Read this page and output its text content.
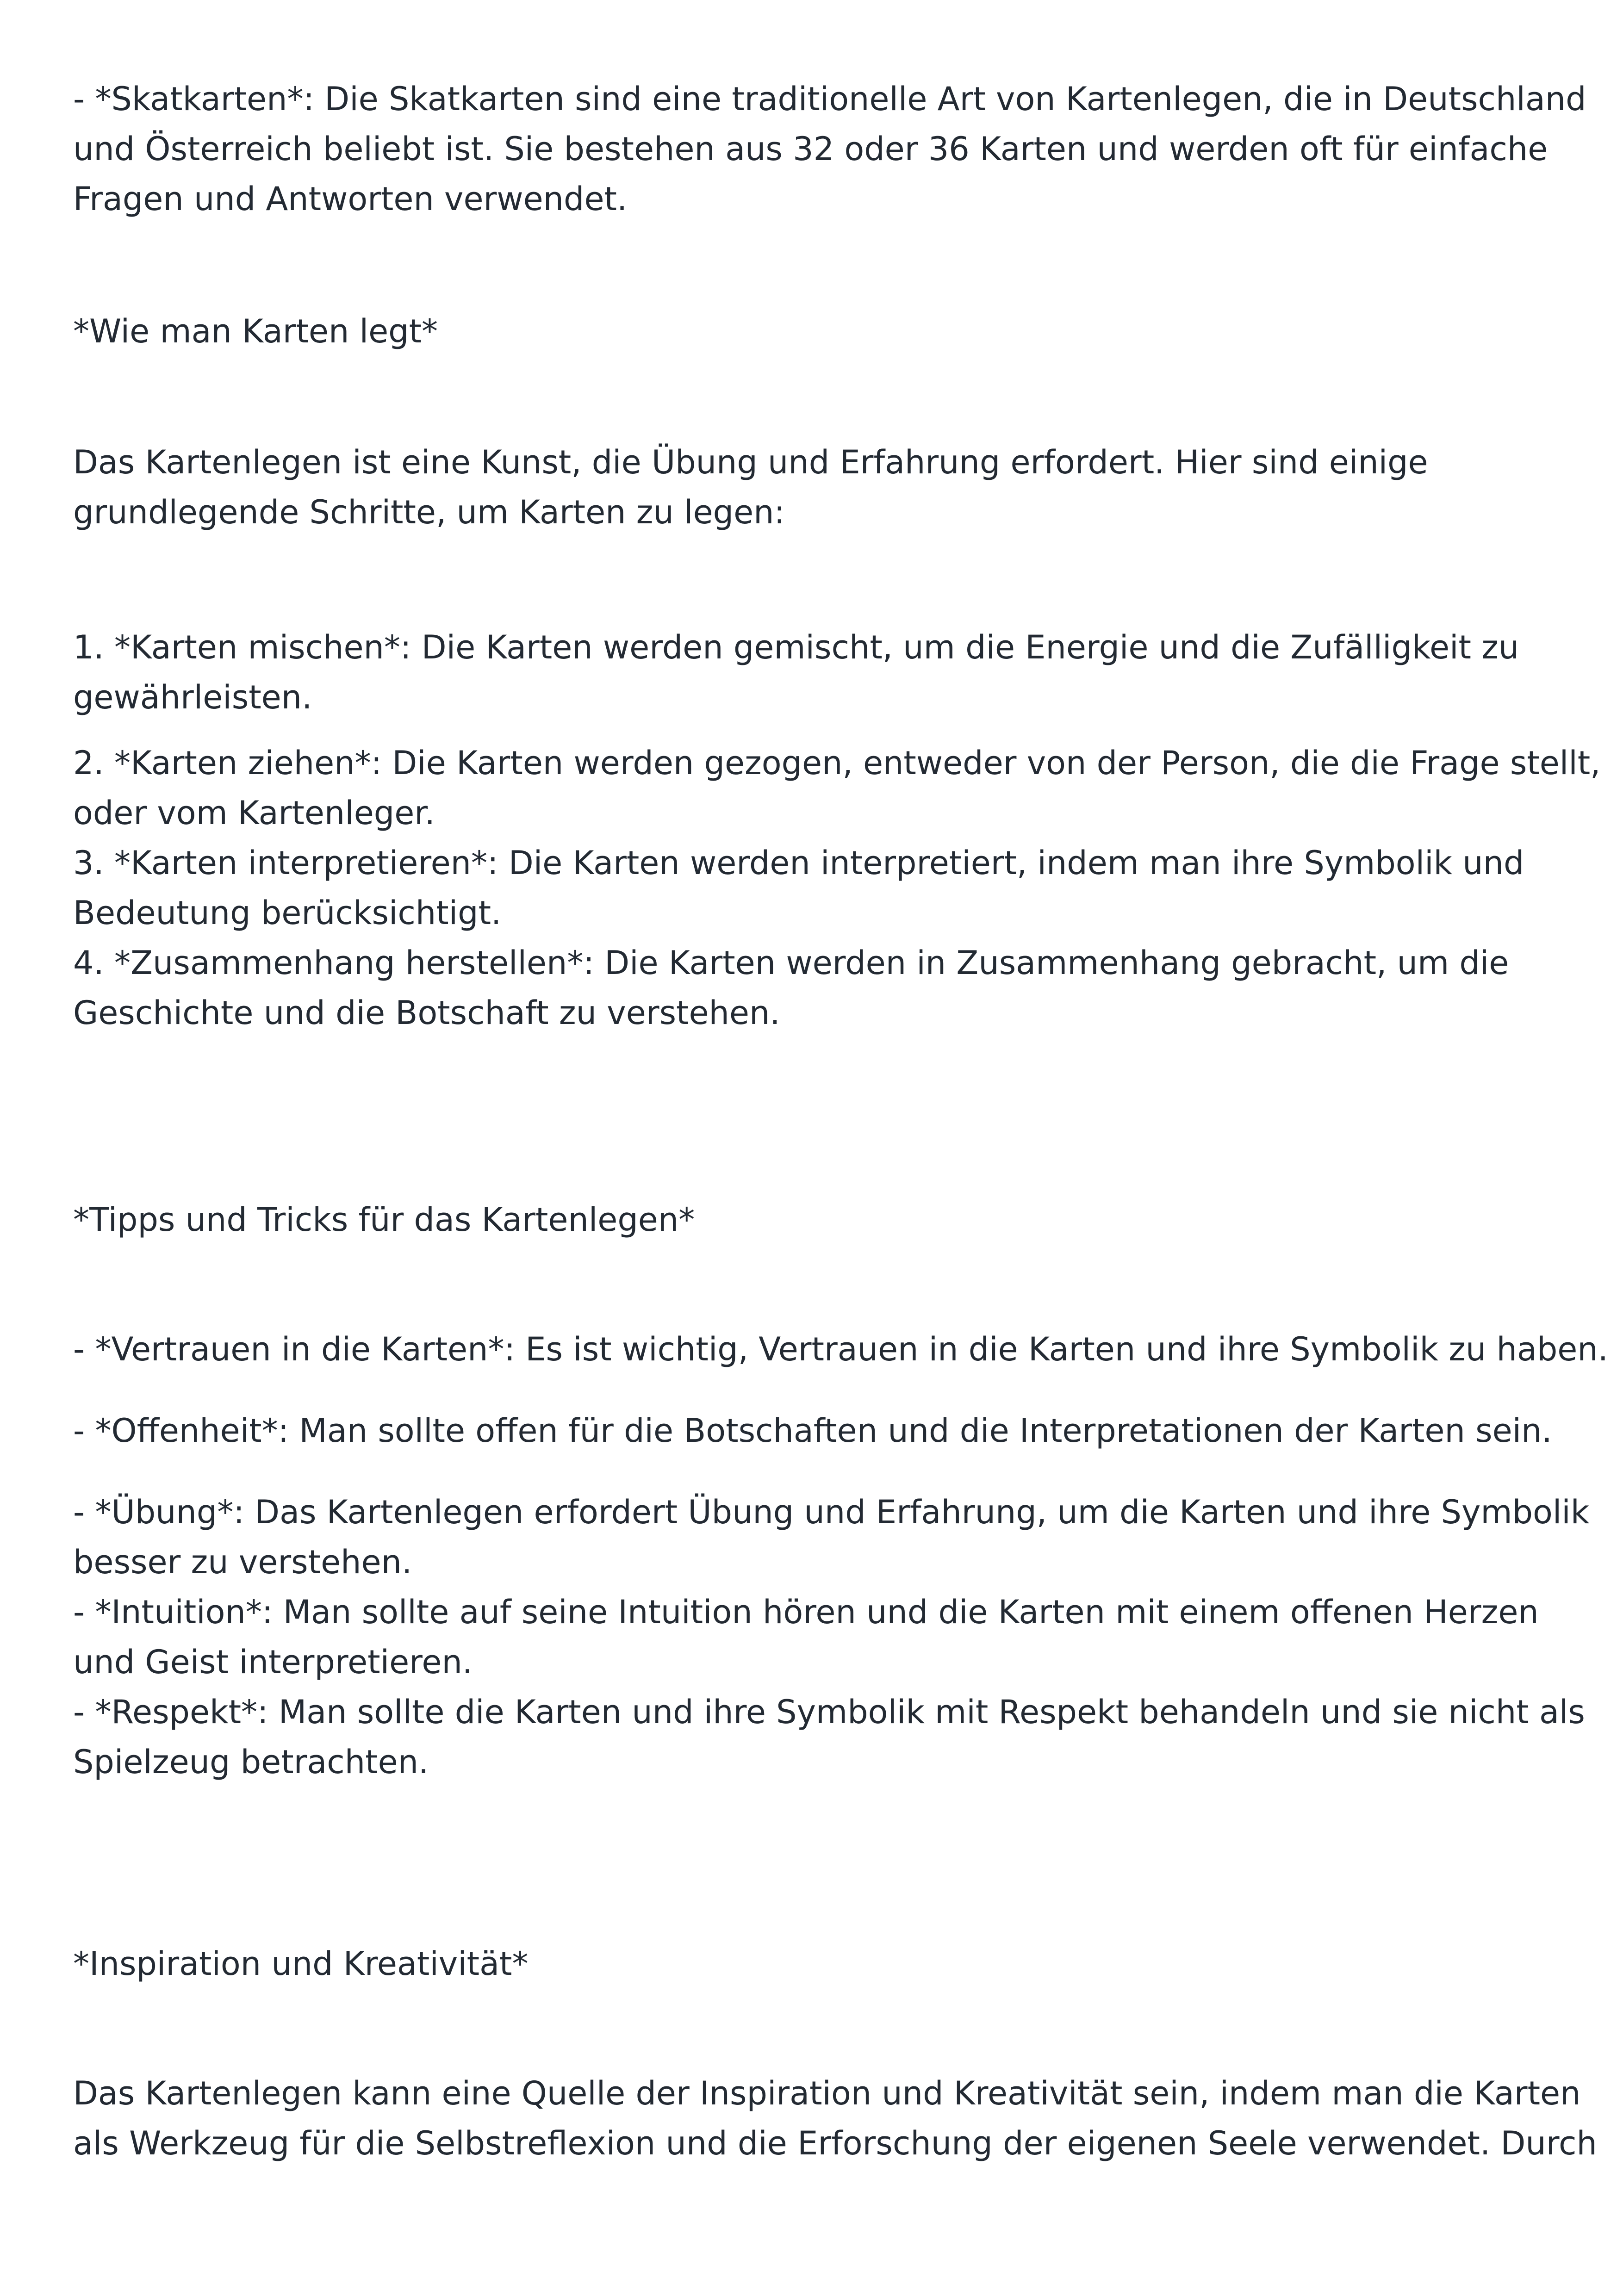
- *Skatkarten*: Die Skatkarten sind eine traditionelle Art von Kartenlegen, die in Deutschland
und Österreich beliebt ist. Sie bestehen aus 32 oder 36 Karten und werden oft für einfache
Fragen und Antworten verwendet.

*Wie man Karten legt*

Das Kartenlegen ist eine Kunst, die Übung und Erfahrung erfordert. Hier sind einige
grundlegende Schritte, um Karten zu legen:

1. *Karten mischen*: Die Karten werden gemischt, um die Energie und die Zufälligkeit zu
gewährleisten.

2. *Karten ziehen*: Die Karten werden gezogen, entweder von der Person, die die Frage stellt,
oder vom Kartenleger.
3. *Karten interpretieren*: Die Karten werden interpretiert, indem man ihre Symbolik und
Bedeutung berücksichtigt.
4. *Zusammenhang herstellen*: Die Karten werden in Zusammenhang gebracht, um die
Geschichte und die Botschaft zu verstehen.

*Tipps und Tricks für das Kartenlegen*

- *Vertrauen in die Karten*: Es ist wichtig, Vertrauen in die Karten und ihre Symbolik zu haben.

- *Offenheit*: Man sollte offen für die Botschaften und die Interpretationen der Karten sein.

- *Übung*: Das Kartenlegen erfordert Übung und Erfahrung, um die Karten und ihre Symbolik
besser zu verstehen.
- *Intuition*: Man sollte auf seine Intuition hören und die Karten mit einem offenen Herzen
und Geist interpretieren.
- *Respekt*: Man sollte die Karten und ihre Symbolik mit Respekt behandeln und sie nicht als
Spielzeug betrachten.

*Inspiration und Kreativität*

Das Kartenlegen kann eine Quelle der Inspiration und Kreativität sein, indem man die Karten
als Werkzeug für die Selbstreflexion und die Erforschung der eigenen Seele verwendet. Durch
